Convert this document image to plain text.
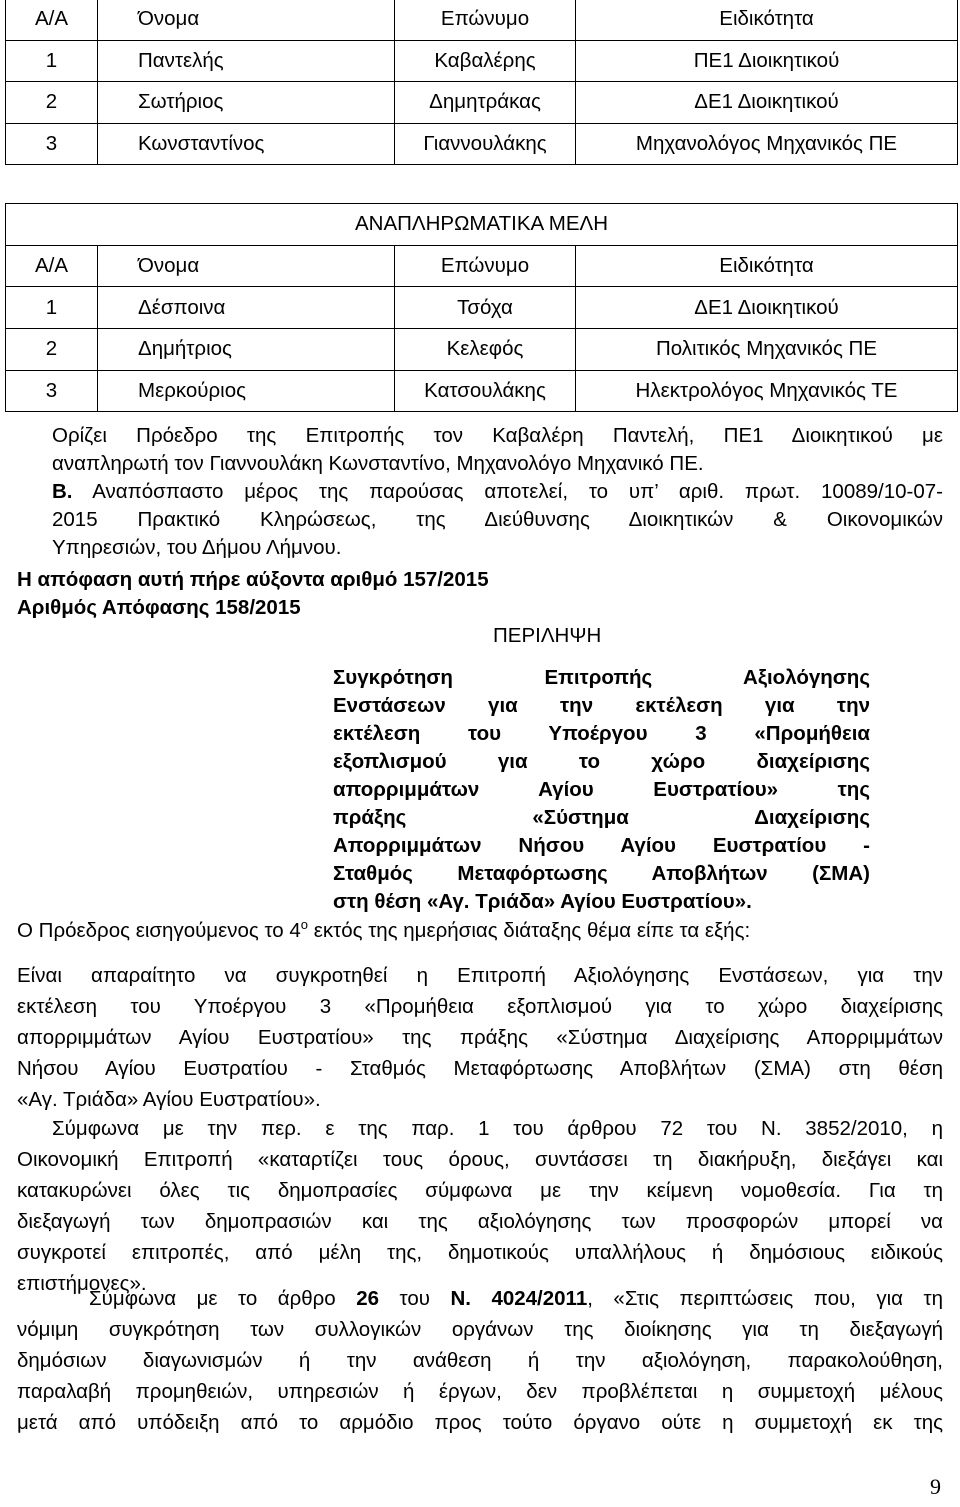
Α/Α	Όνομα	Επώνυμο	Ειδικότητα
1	Παντελής	Καβαλέρης	ΠΕ1 Διοικητικού
2	Σωτήριος	Δημητράκας	ΔΕ1 Διοικητικού
3	Κωνσταντίνος	Γιαννουλάκης	Μηχανολόγος Μηχανικός ΠΕ
ΑΝΑΠΛΗΡΩΜΑΤΙΚΑ ΜΕΛΗ			
Α/Α	Όνομα	Επώνυμο	Ειδικότητα
1	Δέσποινα	Τσόχα	ΔΕ1 Διοικητικού
2	Δημήτριος	Κελεφός	Πολιτικός Μηχανικός ΠΕ
3	Μερκούριος	Κατσουλάκης	Ηλεκτρολόγος Μηχανικός ΤΕ
Ορίζει Πρόεδρο της Επιτροπής τον Καβαλέρη Παντελή, ΠΕ1 Διοικητικού με
αναπληρωτή τον Γιαννουλάκη Κωνσταντίνο, Μηχανολόγο Μηχανικό ΠΕ.
Β. Αναπόσπαστο μέρος της παρούσας αποτελεί, το υπ’ αριθ. πρωτ. 10089/10-07-
2015 Πρακτικό Κληρώσεως, της Διεύθυνσης Διοικητικών & Οικονομικών
Υπηρεσιών, του Δήμου Λήμνου.
Η απόφαση αυτή πήρε αύξοντα αριθμό 157/2015
Αριθμός Απόφασης 158/2015
ΠΕΡΙΛΗΨΗ
Συγκρότηση Επιτροπής Αξιολόγησης
Ενστάσεων για την εκτέλεση για την
εκτέλεση του Υποέργου 3 «Προμήθεια
εξοπλισμού για το χώρο διαχείρισης
απορριμμάτων Αγίου Ευστρατίου» της
πράξης «Σύστημα Διαχείρισης
Απορριμμάτων Νήσου Αγίου Ευστρατίου -
Σταθμός Μεταφόρτωσης Αποβλήτων (ΣΜΑ)
στη θέση «Αγ. Τριάδα» Αγίου Ευστρατίου».
Ο Πρόεδρος εισηγούμενος το $4^o$ εκτός της ημερήσιας διάταξης θέμα είπε τα εξής:
Είναι απαραίτητο να συγκροτηθεί η Επιτροπή Αξιολόγησης Ενστάσεων, για την
εκτέλεση του Υποέργου 3 «Προμήθεια εξοπλισμού για το χώρο διαχείρισης
απορριμμάτων Αγίου Ευστρατίου» της πράξης «Σύστημα Διαχείρισης Απορριμμάτων
Νήσου Αγίου Ευστρατίου - Σταθμός Μεταφόρτωσης Αποβλήτων (ΣΜΑ) στη θέση
«Αγ. Τριάδα» Αγίου Ευστρατίου».
Σύμφωνα με την περ. ε της παρ. 1 του άρθρου 72 του Ν. 3852/2010, η
Οικονομική Επιτροπή «καταρτίζει τους όρους, συντάσσει τη διακήρυξη, διεξάγει και
κατακυρώνει όλες τις δημοπρασίες σύμφωνα με την κείμενη νομοθεσία. Για τη
διεξαγωγή των δημοπρασιών και της αξιολόγησης των προσφορών μπορεί να
συγκροτεί επιτροπές, από μέλη της, δημοτικούς υπαλλήλους ή δημόσιους ειδικούς
επιστήμονες».
Σύμφωνα με το άρθρο 26 του Ν. 4024/2011, «Στις περιπτώσεις που, για τη
νόμιμη συγκρότηση των συλλογικών οργάνων της διοίκησης για τη διεξαγωγή
δημόσιων διαγωνισμών ή την ανάθεση ή την αξιολόγηση, παρακολούθηση,
παραλαβή προμηθειών, υπηρεσιών ή έργων, δεν προβλέπεται η συμμετοχή μέλους
μετά από υπόδειξη από το αρμόδιο προς τούτο όργανο ούτε η συμμετοχή εκ της
9
